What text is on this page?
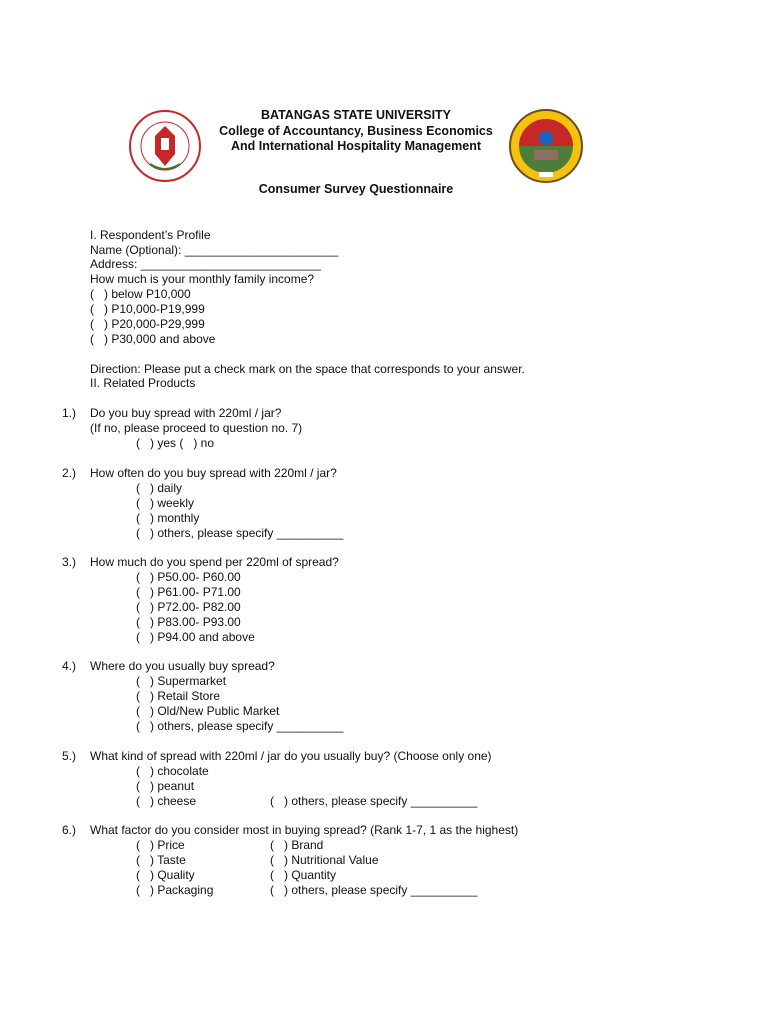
BATANGAS STATE UNIVERSITY
College of Accountancy, Business Economics
And International Hospitality Management
Consumer Survey Questionnaire
I. Respondent’s Profile
Name (Optional): _______________________
Address: ___________________________
How much is your monthly family income?
(   ) below P10,000
(   ) P10,000-P19,999
(   ) P20,000-P29,999
(   ) P30,000 and above
Direction: Please put a check mark on the space that corresponds to your answer.
II. Related Products
1.) Do you buy spread with 220ml / jar?
(If no, please proceed to question no. 7)
(   ) yes (   ) no
2.) How often do you buy spread with 220ml / jar?
(   ) daily
(   ) weekly
(   ) monthly
(   ) others, please specify __________
3.) How much do you spend per 220ml of spread?
(   ) P50.00- P60.00
(   ) P61.00- P71.00
(   ) P72.00- P82.00
(   ) P83.00- P93.00
(   ) P94.00 and above
4.) Where do you usually buy spread?
(   ) Supermarket
(   ) Retail Store
(   ) Old/New Public Market
(   ) others, please specify __________
5.) What kind of spread with 220ml / jar do you usually buy? (Choose only one)
(   ) chocolate
(   ) peanut
(   ) cheese	(   ) others, please specify __________
6.) What factor do you consider most in buying spread? (Rank 1-7, 1 as the highest)
(   ) Price
(   ) Taste
(   ) Quality
(   ) Packaging
(   ) Brand
(   ) Nutritional Value
(   ) Quantity
(   ) others, please specify __________
